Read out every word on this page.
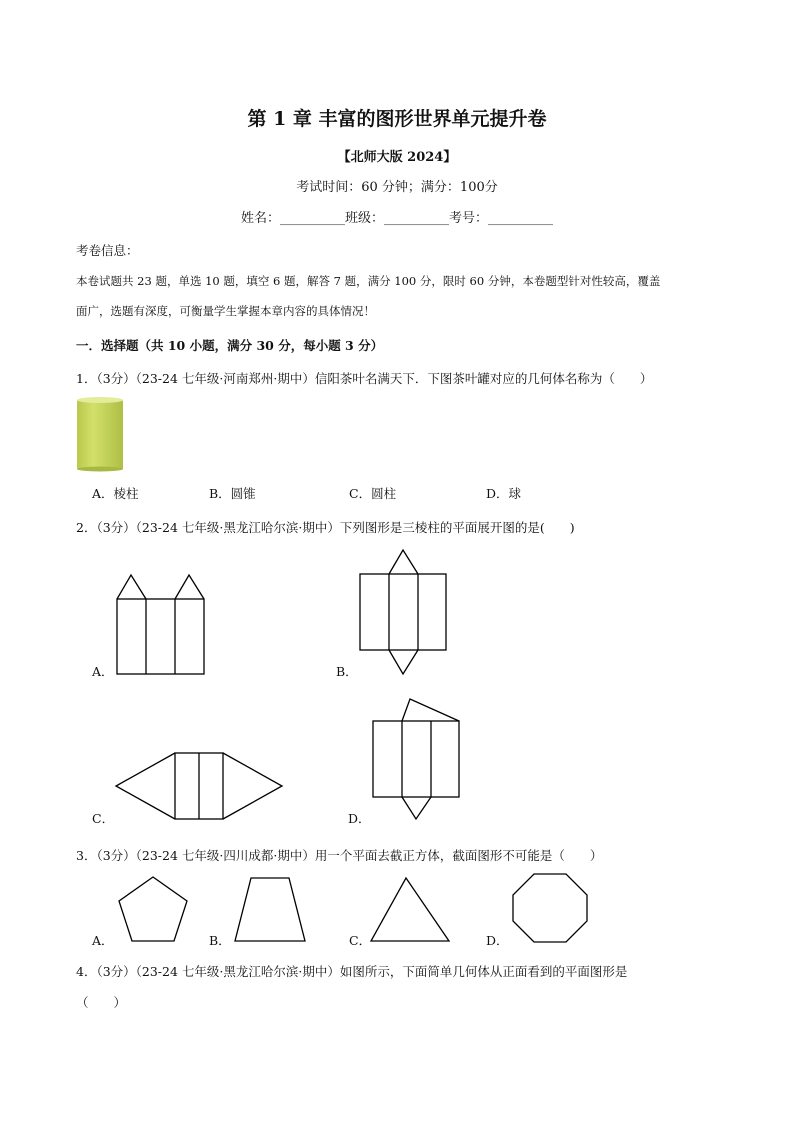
第 1 章 丰富的图形世界单元提升卷
【北师大版 2024】
考试时间：60 分钟；满分：100分
姓名：__________班级：__________考号：__________
考卷信息：
本卷试题共 23 题，单选 10 题，填空 6 题，解答 7 题，满分 100 分，限时 60 分钟，本卷题型针对性较高，覆盖
面广，选题有深度，可衡量学生掌握本章内容的具体情况！
一．选择题（共 10 小题，满分 30 分，每小题 3 分）
1．（3分）（23-24 七年级·河南郑州·期中）信阳茶叶名满天下．下图茶叶罐对应的几何体名称为（　　）
A．棱柱	B．圆锥	C．圆柱	D．球
2．（3分）（23-24 七年级·黑龙江哈尔滨·期中）下列图形是三棱柱的平面展开图的是(　　)
A．	B．
C．	D．
3．（3分）（23-24 七年级·四川成都·期中）用一个平面去截正方体，截面图形不可能是（　　）
A．	B．	C．	D．
4．（3分）（23-24 七年级·黑龙江哈尔滨·期中）如图所示，下面简单几何体从正面看到的平面图形是
（　　）
